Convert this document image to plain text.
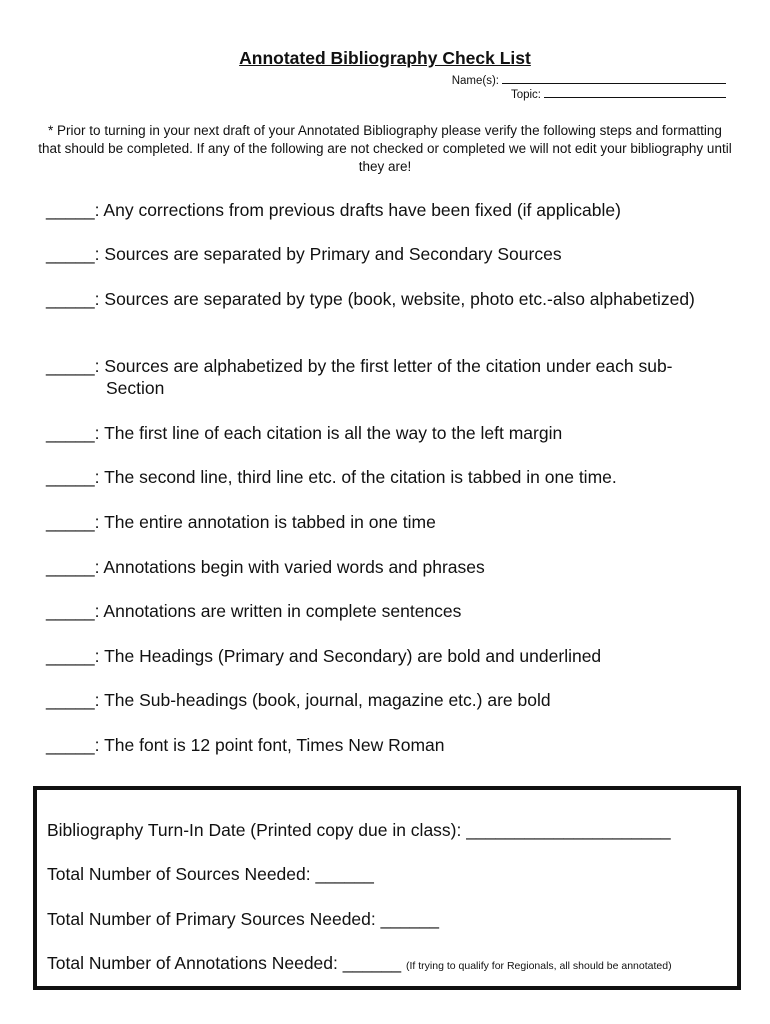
Annotated Bibliography Check List
Name(s):
Topic:
* Prior to turning in your next draft of your Annotated Bibliography please verify the following steps and formatting that should be completed. If any of the following are not checked or completed we will not edit your bibliography until they are!
_____: Any corrections from previous drafts have been fixed (if applicable)
_____: Sources are separated by Primary and Secondary Sources
_____: Sources are separated by type (book, website, photo etc.-also alphabetized)
_____: Sources are alphabetized by the first letter of the citation under each sub-
Section
_____: The first line of each citation is all the way to the left margin
_____: The second line, third line etc. of the citation is tabbed in one time.
_____: The entire annotation is tabbed in one time
_____: Annotations begin with varied words and phrases
_____: Annotations are written in complete sentences
_____: The Headings (Primary and Secondary) are bold and underlined
_____: The Sub-headings (book, journal, magazine etc.) are bold
_____: The font is 12 point font, Times New Roman
Bibliography Turn-In Date (Printed copy due in class): _____________________
Total Number of Sources Needed: ______
Total Number of Primary Sources Needed: ______
Total Number of Annotations Needed: ______ (If trying to qualify for Regionals, all should be annotated)
